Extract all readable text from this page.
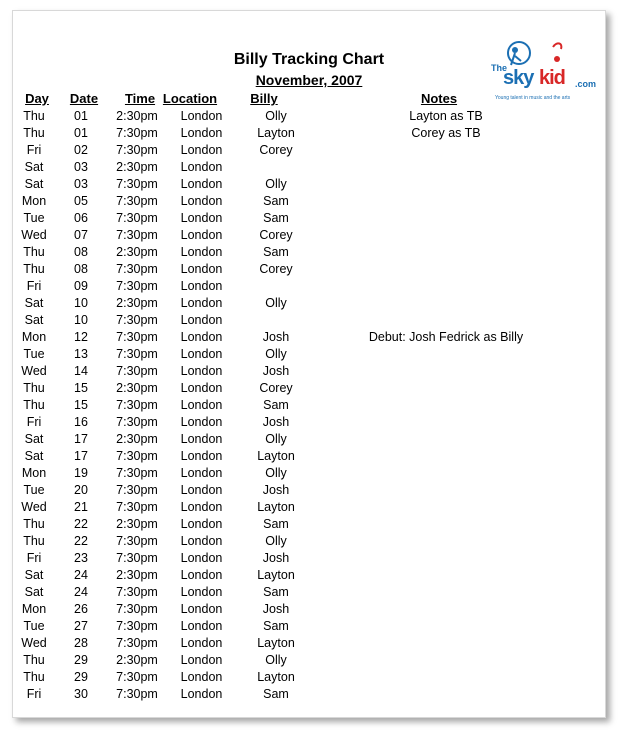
Billy Tracking Chart
November, 2007
The
sky kid .com
Young talent in music and the arts
Day	Date	Time Location	Billy	Notes
Thu	01	2:30pm	London	Olly	Layton as TB
Thu	01	7:30pm	London	Layton	Corey as TB
Fri	02	7:30pm	London	Corey	
Sat	03	2:30pm	London		
Sat	03	7:30pm	London	Olly	
Mon	05	7:30pm	London	Sam	
Tue	06	7:30pm	London	Sam	
Wed	07	7:30pm	London	Corey	
Thu	08	2:30pm	London	Sam	
Thu	08	7:30pm	London	Corey	
Fri	09	7:30pm	London		
Sat	10	2:30pm	London	Olly	
Sat	10	7:30pm	London		
Mon	12	7:30pm	London	Josh	Debut: Josh Fedrick as Billy
Tue	13	7:30pm	London	Olly	
Wed	14	7:30pm	London	Josh	
Thu	15	2:30pm	London	Corey	
Thu	15	7:30pm	London	Sam	
Fri	16	7:30pm	London	Josh	
Sat	17	2:30pm	London	Olly	
Sat	17	7:30pm	London	Layton	
Mon	19	7:30pm	London	Olly	
Tue	20	7:30pm	London	Josh	
Wed	21	7:30pm	London	Layton	
Thu	22	2:30pm	London	Sam	
Thu	22	7:30pm	London	Olly	
Fri	23	7:30pm	London	Josh	
Sat	24	2:30pm	London	Layton	
Sat	24	7:30pm	London	Sam	
Mon	26	7:30pm	London	Josh	
Tue	27	7:30pm	London	Sam	
Wed	28	7:30pm	London	Layton	
Thu	29	2:30pm	London	Olly	
Thu	29	7:30pm	London	Layton	
Fri	30	7:30pm	London	Sam	
